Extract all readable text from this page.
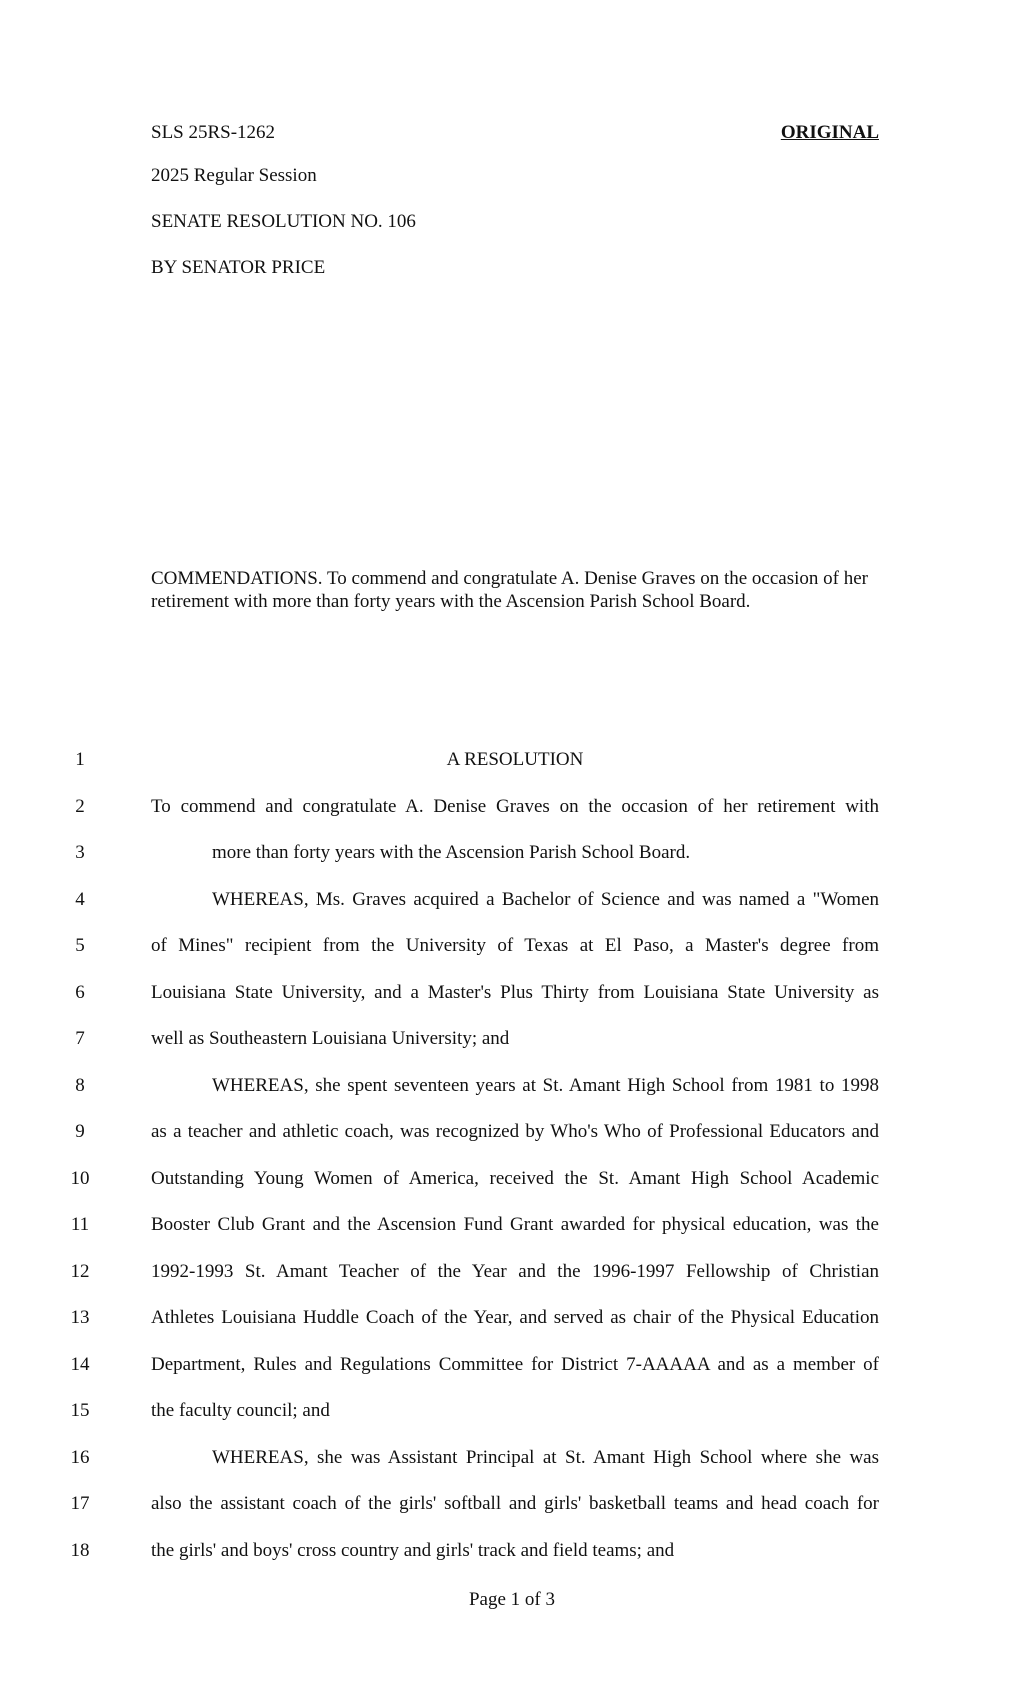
SLS 25RS-1262	ORIGINAL
2025 Regular Session
SENATE RESOLUTION NO. 106
BY SENATOR PRICE
COMMENDATIONS. To commend and congratulate A. Denise Graves on the occasion of her retirement with more than forty years with the Ascension Parish School Board.
1	A RESOLUTION
2	To commend and congratulate A. Denise Graves on the occasion of her retirement with
3	more than forty years with the Ascension Parish School Board.
4	WHEREAS, Ms. Graves acquired a Bachelor of Science and was named a "Women
5	of Mines" recipient from the University of Texas at El Paso, a Master's degree from
6	Louisiana State University, and a Master's Plus Thirty from Louisiana State University as
7	well as Southeastern Louisiana University; and
8	WHEREAS, she spent seventeen years at St. Amant High School from 1981 to 1998
9	as a teacher and athletic coach, was recognized by Who's Who of Professional Educators and
10	Outstanding Young Women of America, received the St. Amant High School Academic
11	Booster Club Grant and the Ascension Fund Grant awarded for physical education, was the
12	1992-1993 St. Amant Teacher of the Year and the 1996-1997 Fellowship of Christian
13	Athletes Louisiana Huddle Coach of the Year, and served as chair of the Physical Education
14	Department, Rules and Regulations Committee for District 7-AAAAA and as a member of
15	the faculty council; and
16	WHEREAS, she was Assistant Principal at St. Amant High School where she was
17	also the assistant coach of the girls' softball and girls' basketball teams and head coach for
18	the girls' and boys' cross country and girls' track and field teams; and
Page 1 of 3
